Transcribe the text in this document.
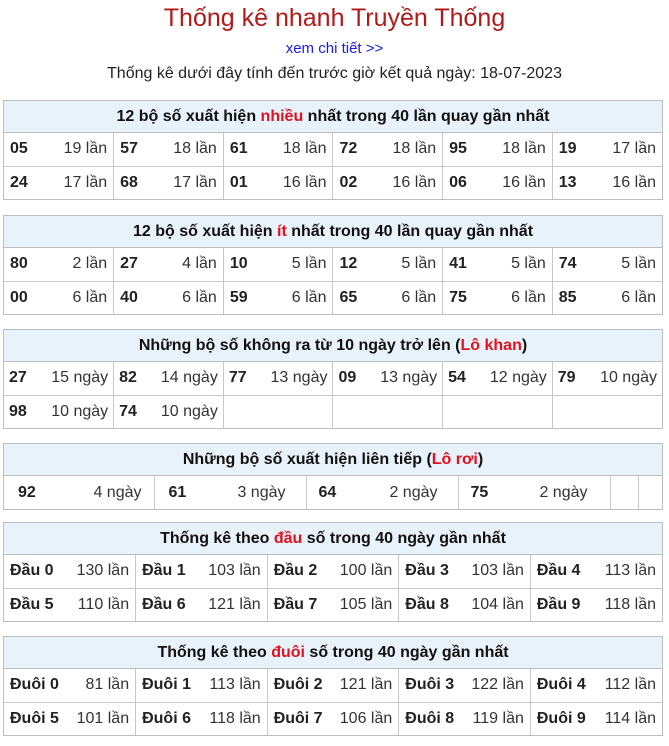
Thống kê nhanh Truyền Thống
xem chi tiết >>
Thống kê dưới đây tính đến trước giờ kết quả ngày: 18-07-2023
12 bộ số xuất hiện nhiều nhất trong 40 lần quay gần nhất
05 19 lần	57 18 lần	61 18 lần	72 18 lần	95 18 lần	19 17 lần

24 17 lần	68 17 lần	01 16 lần	02 16 lần	06 16 lần	13 16 lần
12 bộ số xuất hiện ít nhất trong 40 lần quay gần nhất
80 2 lần	27 4 lần	10 5 lần	12 5 lần	41 5 lần	74 5 lần

00 6 lần	40 6 lần	59 6 lần	65 6 lần	75 6 lần	85 6 lần
Những bộ số không ra từ 10 ngày trở lên (Lô khan)
27 15 ngày	82 14 ngày	77 13 ngày	09 13 ngày	54 12 ngày	79 10 ngày

98 10 ngày	74 10 ngày				

Những bộ số xuất hiện liên tiếp (Lô rơi)
92	4 ngày	61	3 ngày	64	2 ngày	75	2 ngày

Thống kê theo đầu số trong 40 ngày gần nhất
Đầu 0 130 lần	Đầu 1 103 lần	Đầu 2 100 lần	Đầu 3 103 lần	Đầu 4 113 lần

Đầu 5 110 lần	Đầu 6 121 lần	Đầu 7 105 lần	Đầu 8 104 lần	Đầu 9 118 lần
Thống kê theo đuôi số trong 40 ngày gần nhất
Đuôi 0 81 lần	Đuôi 1 113 lần	Đuôi 2 121 lần	Đuôi 3 122 lần	Đuôi 4 112 lần

Đuôi 5 101 lần	Đuôi 6 118 lần	Đuôi 7 106 lần	Đuôi 8 119 lần	Đuôi 9 114 lần
